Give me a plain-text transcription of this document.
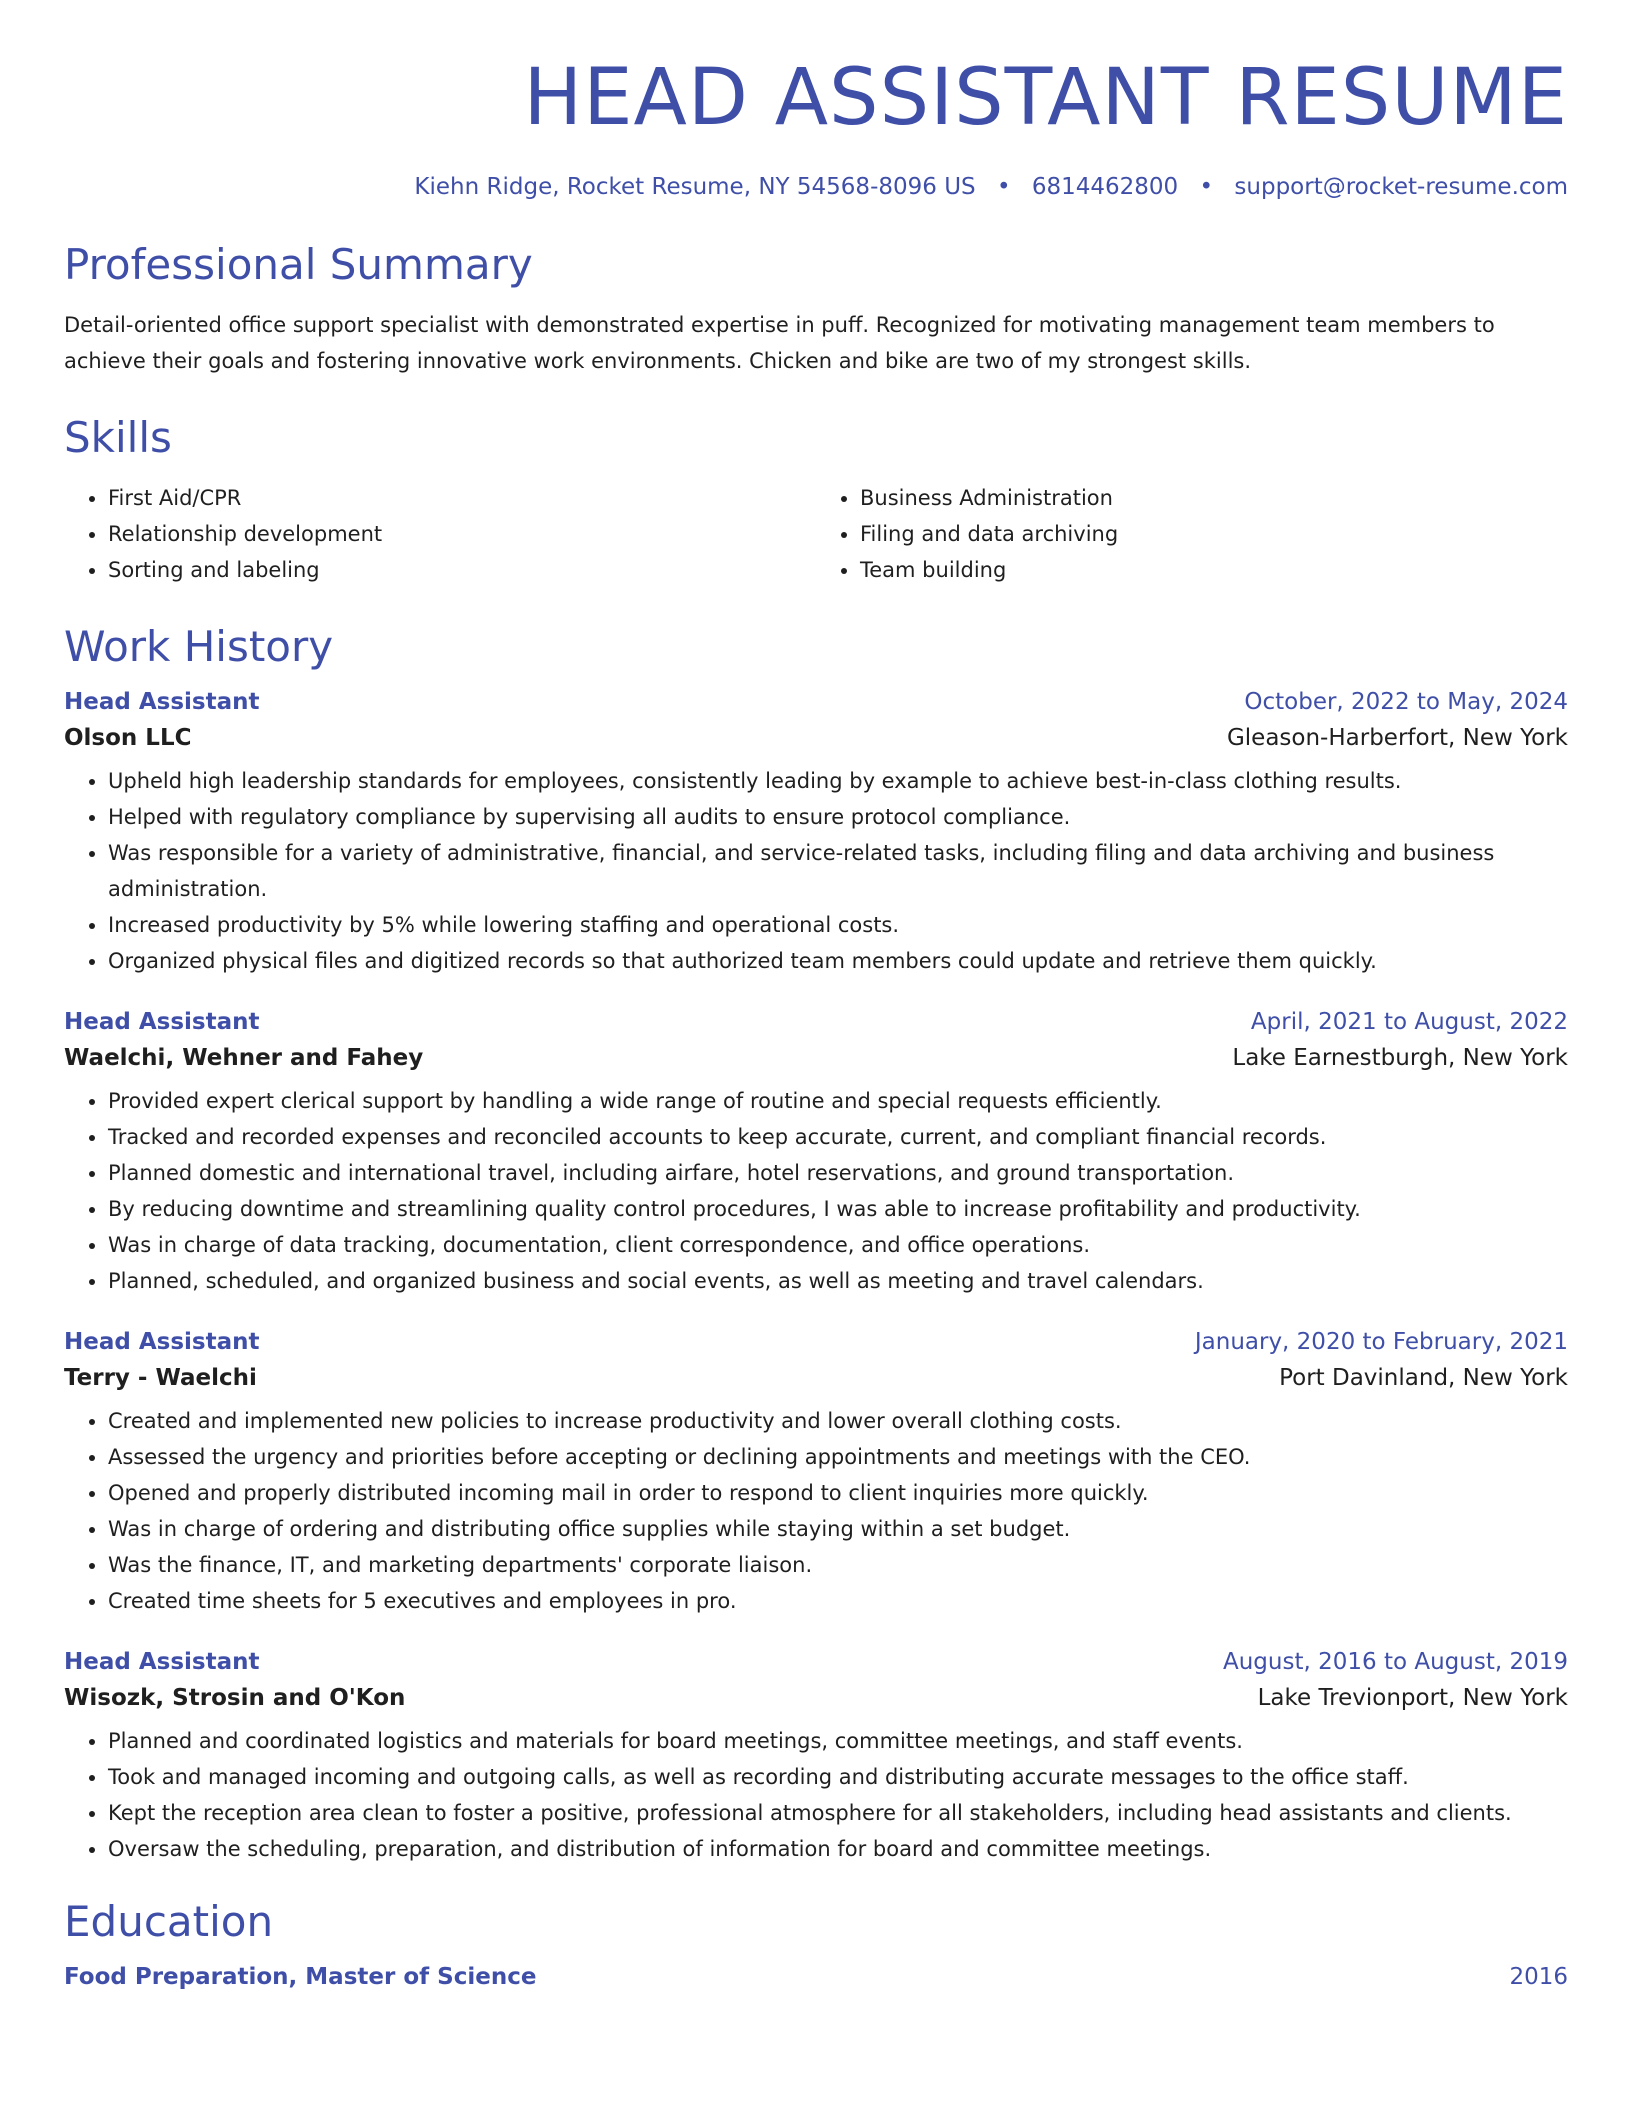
HEAD ASSISTANT RESUME
Kiehn Ridge, Rocket Resume, NY 54568-8096 US • 6814462800 • support@rocket-resume.com
Professional Summary

Detail-oriented office support specialist with demonstrated expertise in puff. Recognized for motivating management team members to achieve their goals and fostering innovative work environments. Chicken and bike are two of my strongest skills.

Skills
• First Aid/CPR
• Relationship development
• Sorting and labeling
• Business Administration
• Filing and data archiving
• Team building
Work History
Head Assistant	October, 2022 to May, 2024
Olson LLC	Gleason-Harberfort, New York
• Upheld high leadership standards for employees, consistently leading by example to achieve best-in-class clothing results.
• Helped with regulatory compliance by supervising all audits to ensure protocol compliance.
• Was responsible for a variety of administrative, financial, and service-related tasks, including filing and data archiving and business administration.
• Increased productivity by 5% while lowering staffing and operational costs.
• Organized physical files and digitized records so that authorized team members could update and retrieve them quickly.
Head Assistant	April, 2021 to August, 2022
Waelchi, Wehner and Fahey	Lake Earnestburgh, New York
• Provided expert clerical support by handling a wide range of routine and special requests efficiently.
• Tracked and recorded expenses and reconciled accounts to keep accurate, current, and compliant financial records.
• Planned domestic and international travel, including airfare, hotel reservations, and ground transportation.
• By reducing downtime and streamlining quality control procedures, I was able to increase profitability and productivity.
• Was in charge of data tracking, documentation, client correspondence, and office operations.
• Planned, scheduled, and organized business and social events, as well as meeting and travel calendars.
Head Assistant	January, 2020 to February, 2021
Terry - Waelchi	Port Davinland, New York
• Created and implemented new policies to increase productivity and lower overall clothing costs.
• Assessed the urgency and priorities before accepting or declining appointments and meetings with the CEO.
• Opened and properly distributed incoming mail in order to respond to client inquiries more quickly.
• Was in charge of ordering and distributing office supplies while staying within a set budget.
• Was the finance, IT, and marketing departments' corporate liaison.
• Created time sheets for 5 executives and employees in pro.
Head Assistant	August, 2016 to August, 2019
Wisozk, Strosin and O'Kon	Lake Trevionport, New York
• Planned and coordinated logistics and materials for board meetings, committee meetings, and staff events.
• Took and managed incoming and outgoing calls, as well as recording and distributing accurate messages to the office staff.
• Kept the reception area clean to foster a positive, professional atmosphere for all stakeholders, including head assistants and clients.
• Oversaw the scheduling, preparation, and distribution of information for board and committee meetings.
Education
Food Preparation, Master of Science	2016
